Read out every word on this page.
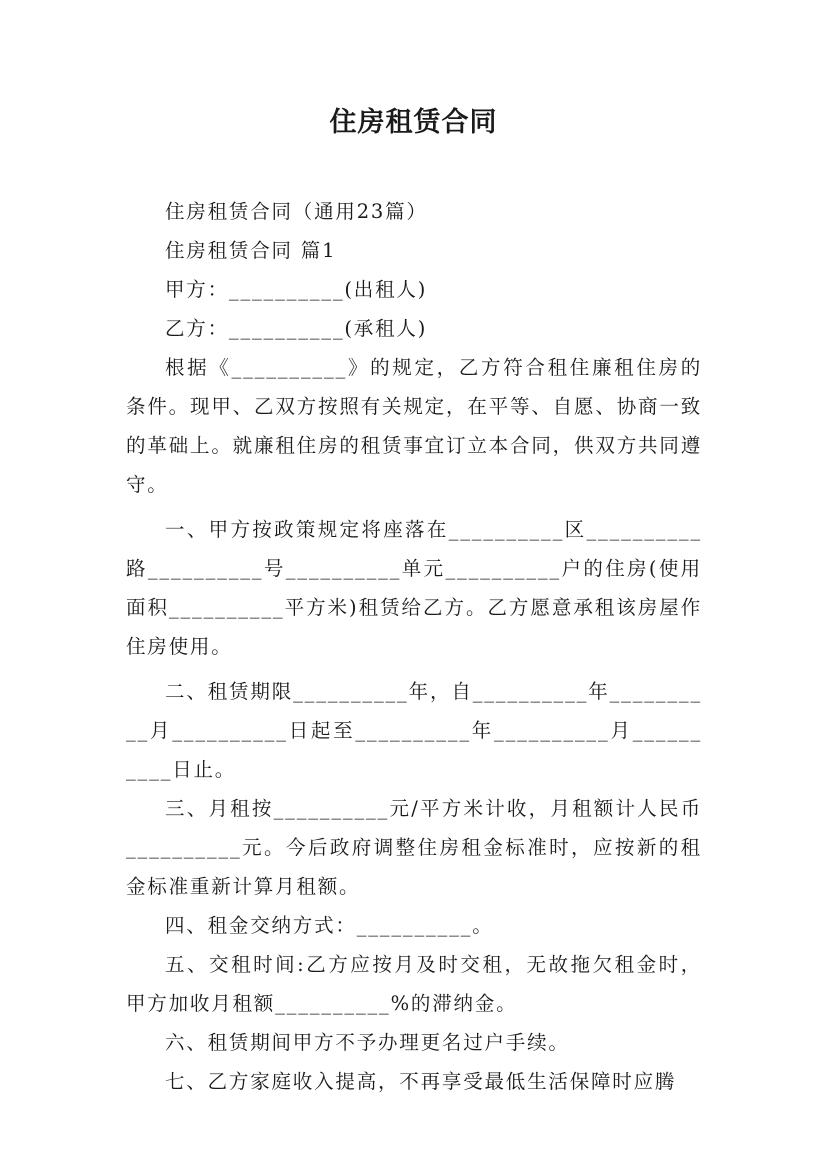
住房租赁合同

住房租赁合同（通用23篇）

住房租赁合同 篇1

甲方：__________(出租人)

乙方：__________(承租人)

根据《__________》的规定，乙方符合租住廉租住房的条件。现甲、乙双方按照有关规定，在平等、自愿、协商一致的革础上。就廉租住房的租赁事宜订立本合同，供双方共同遵守。

一、甲方按政策规定将座落在__________区__________路__________号__________单元__________户的住房(使用面积__________平方米)租赁给乙方。乙方愿意承租该房屋作住房使用。

二、租赁期限__________年，自__________年__________月__________日起至__________年__________月__________日止。

三、月租按__________元/平方米计收，月租额计人民币__________元。今后政府调整住房租金标准时，应按新的租金标准重新计算月租额。

四、租金交纳方式：__________。

五、交租时间:乙方应按月及时交租，无故拖欠租金时，甲方加收月租额__________%的滞纳金。

六、租赁期间甲方不予办理更名过户手续。

七、乙方家庭收入提高，不再享受最低生活保障时应腾
